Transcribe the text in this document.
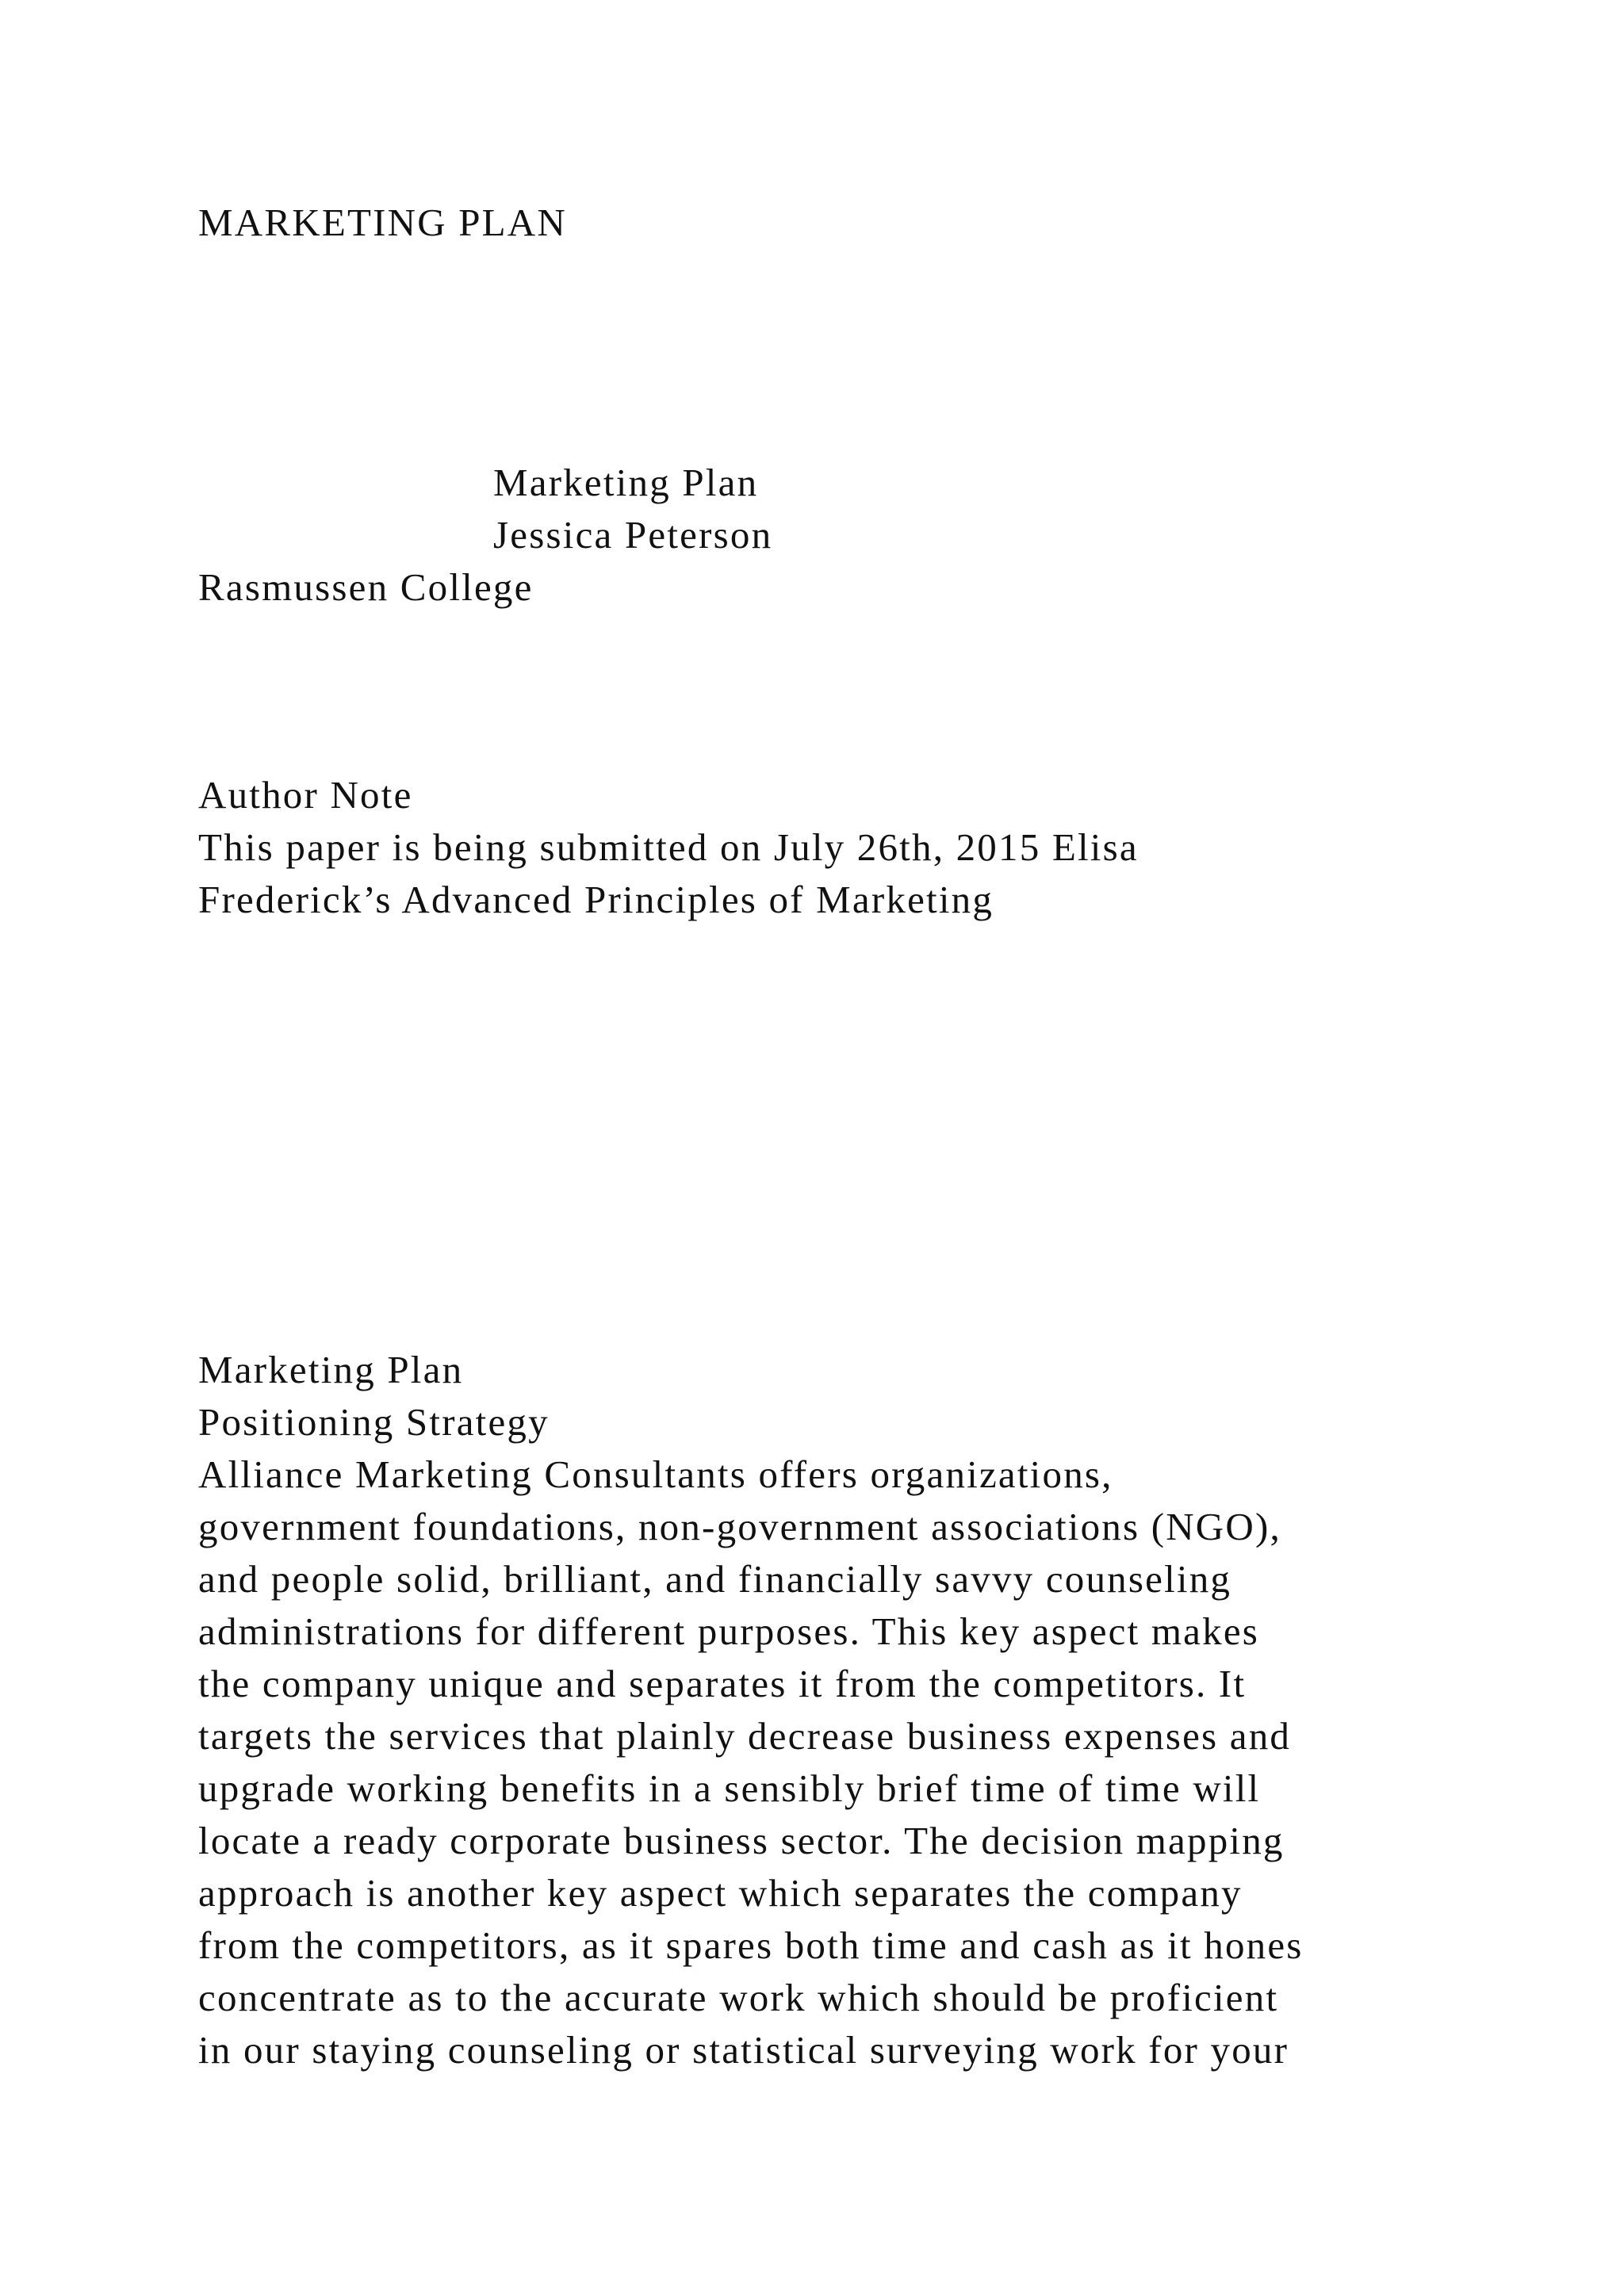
MARKETING PLAN

Marketing Plan

Jessica Peterson

Rasmussen College

Author Note

This paper is being submitted on July 26th, 2015 Elisa

Frederick’s Advanced Principles of Marketing

Marketing Plan

Positioning Strategy

Alliance Marketing Consultants offers organizations,

government foundations, non-government associations (NGO),

and people solid, brilliant, and financially savvy counseling

administrations for different purposes. This key aspect makes

the company unique and separates it from the competitors. It

targets the services that plainly decrease business expenses and

upgrade working benefits in a sensibly brief time of time will

locate a ready corporate business sector. The decision mapping

approach is another key aspect which separates the company

from the competitors, as it spares both time and cash as it hones

concentrate as to the accurate work which should be proficient

in our staying counseling or statistical surveying work for your
